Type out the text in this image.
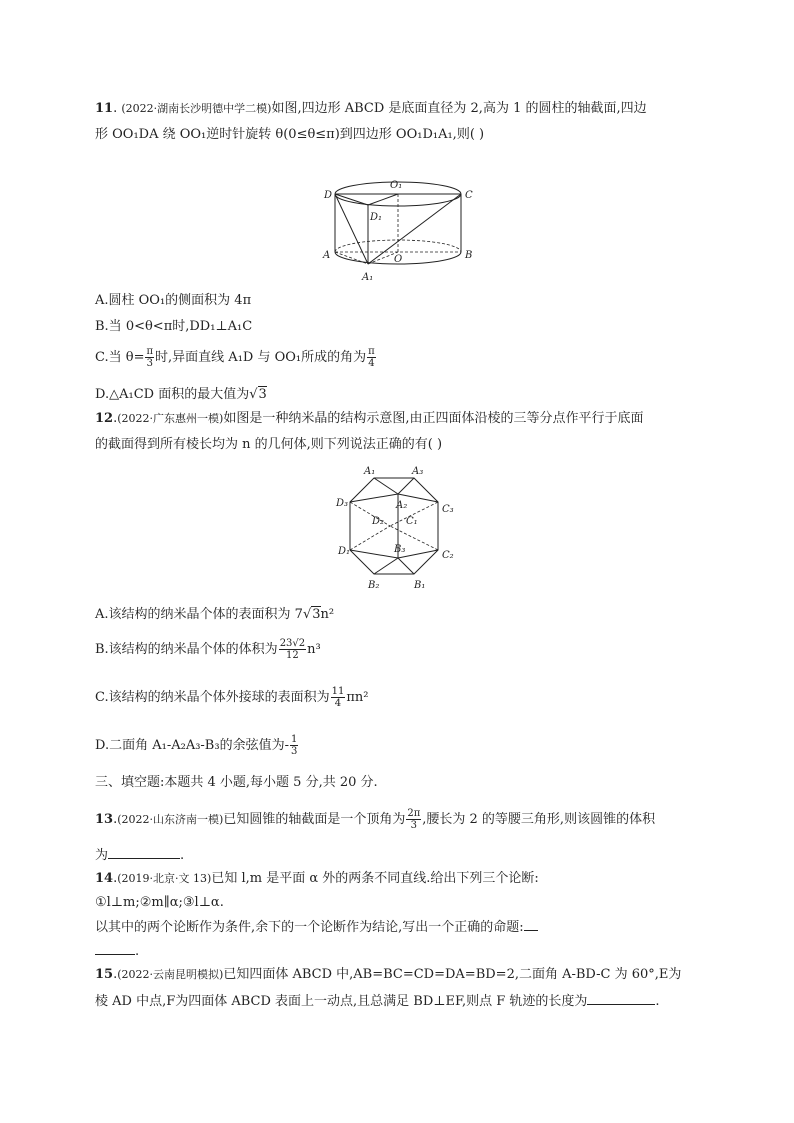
11. (2022·湖南长沙明德中学二模)如图,四边形 ABCD 是底面直径为 2,高为 1 的圆柱的轴截面,四边
形 OO₁DA 绕 OO₁逆时针旋转 θ(0≤θ≤π)到四边形 OO₁D₁A₁,则( )
D
O₁
C
D₁
A	O	B
A₁
A.圆柱 OO₁的侧面积为 4π
B.当 0<θ<π时,DD₁⊥A₁C
C.当 $\theta= \frac{\pi}{3}$ 时,异面直线 A₁D 与 OO₁所成的角为 $\frac{\pi}{4}$
D.△A₁CD 面积的最大值为√3
12.(2022·广东惠州一模)如图是一种纳米晶的结构示意图,由正四面体沿棱的三等分点作平行于底面
的截面得到所有棱长均为 n 的几何体,则下列说法正确的有( )
A₁	A₃
D₃	A₂	C₃
D₂ C₁
D₁	B₃
C₂
B₂	B₁
A.该结构的纳米晶个体的表面积为 7√3n²
B.该结构的纳米晶个体的体积为 $\frac{23√2}{12} n^3$
C.该结构的纳米晶个体外接球的表面积为 $\frac{11}{4} \pi n^2$
D.二面角 A₁-A₂A₃-B₃的余弦值为- $\frac{1}{3}$
三、填空题:本题共 4 小题,每小题 5 分,共 20 分.
13.(2022·山东济南一模)已知圆锥的轴截面是一个顶角为 $\frac{2\pi}{3}$ ,腰长为 2 的等腰三角形,则该圆锥的体积
为	.
14.(2019·北京·文 13)已知 l,m 是平面 α 外的两条不同直线.给出下列三个论断:
①l⊥m;②m∥α;③l⊥α.
以其中的两个论断作为条件,余下的一个论断作为结论,写出一个正确的命题:
.
15.(2022·云南昆明模拟)已知四面体 ABCD 中,AB=BC=CD=DA=BD=2,二面角 A-BD-C 为 60°,E为
棱 AD 中点,F为四面体 ABCD 表面上一动点,且总满足 BD⊥EF,则点 F 轨迹的长度为	.
